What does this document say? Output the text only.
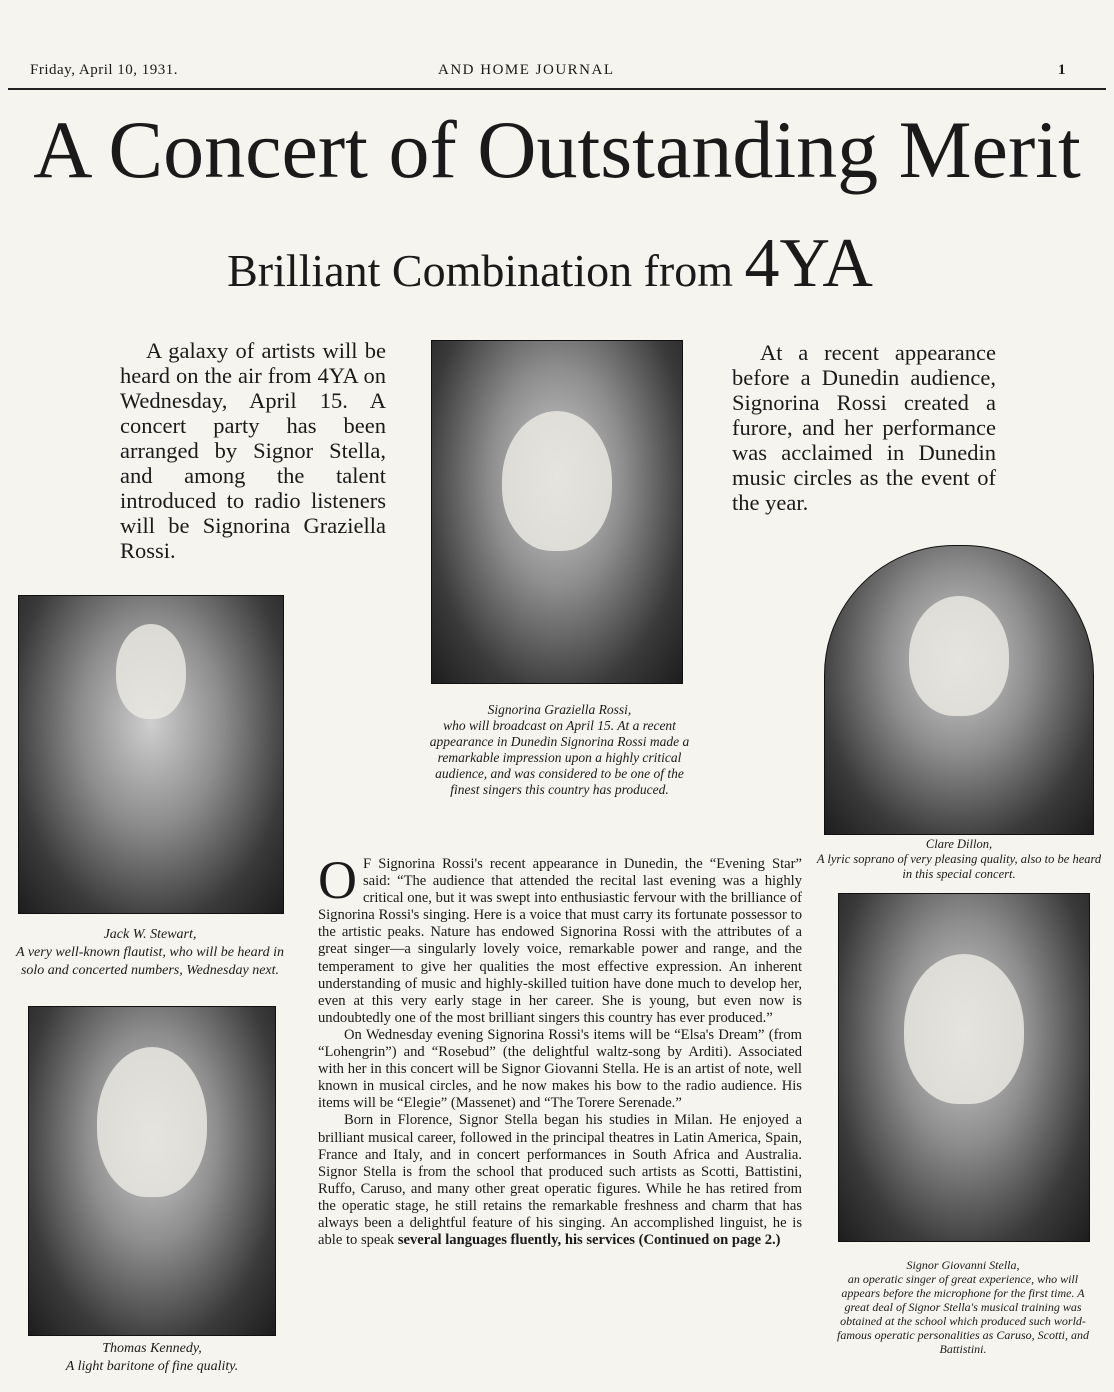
Friday, April 10, 1931.	AND HOME JOURNAL	1
A Concert of Outstanding Merit
Brilliant Combination from 4YA
A galaxy of artists will be heard on the air from 4YA on Wednesday, April 15. A concert party has been arranged by Signor Stella, and among the talent introduced to radio listeners will be Signorina Graziella Rossi.
At a recent appearance before a Dunedin audience, Signorina Rossi created a furore, and her performance was acclaimed in Dunedin music circles as the event of the year.
Signorina Graziella Rossi,
who will broadcast on April 15. At a recent appearance in Dunedin Signorina Rossi made a remarkable impression upon a highly critical audience, and was considered to be one of the finest singers this country has produced.
Jack W. Stewart,
A very well-known flautist, who will be heard in solo and concerted numbers, Wednesday next.
Thomas Kennedy,
A light baritone of fine quality.
Clare Dillon,
A lyric soprano of very pleasing quality, also to be heard in this special concert.
Signor Giovanni Stella,
an operatic singer of great experience, who will appears before the microphone for the first time. A great deal of Signor Stella's musical training was obtained at the school which produced such world-famous operatic personalities as Caruso, Scotti, and Battistini.

O F Signorina Rossi's recent appearance in Dunedin, the “Evening Star” said: “The audience that attended the recital last evening was a highly critical one, but it was swept into enthusiastic fervour with the brilliance of Signorina Rossi's singing. Here is a voice that must carry its fortunate possessor to the artistic peaks. Nature has endowed Signorina Rossi with the attributes of a great singer—a singularly lovely voice, remarkable power and range, and the temperament to give her qualities the most effective expression. An inherent understanding of music and highly-skilled tuition have done much to develop her, even at this very early stage in her career. She is young, but even now is undoubtedly one of the most brilliant singers this country has ever produced.”

On Wednesday evening Signorina Rossi's items will be “Elsa's Dream” (from “Lohengrin”) and “Rosebud” (the delightful waltz-song by Arditi). Associated with her in this concert will be Signor Giovanni Stella. He is an artist of note, well known in musical circles, and he now makes his bow to the radio audience. His items will be “Elegie” (Massenet) and “The Torere Serenade.”

Born in Florence, Signor Stella began his studies in Milan. He enjoyed a brilliant musical career, followed in the principal theatres in Latin America, Spain, France and Italy, and in concert performances in South Africa and Australia. Signor Stella is from the school that produced such artists as Scotti, Battistini, Ruffo, Caruso, and many other great operatic figures. While he has retired from the operatic stage, he still retains the remarkable freshness and charm that has always been a delightful feature of his singing. An accomplished linguist, he is able to speak several languages fluently, his services (Continued on page 2.)
